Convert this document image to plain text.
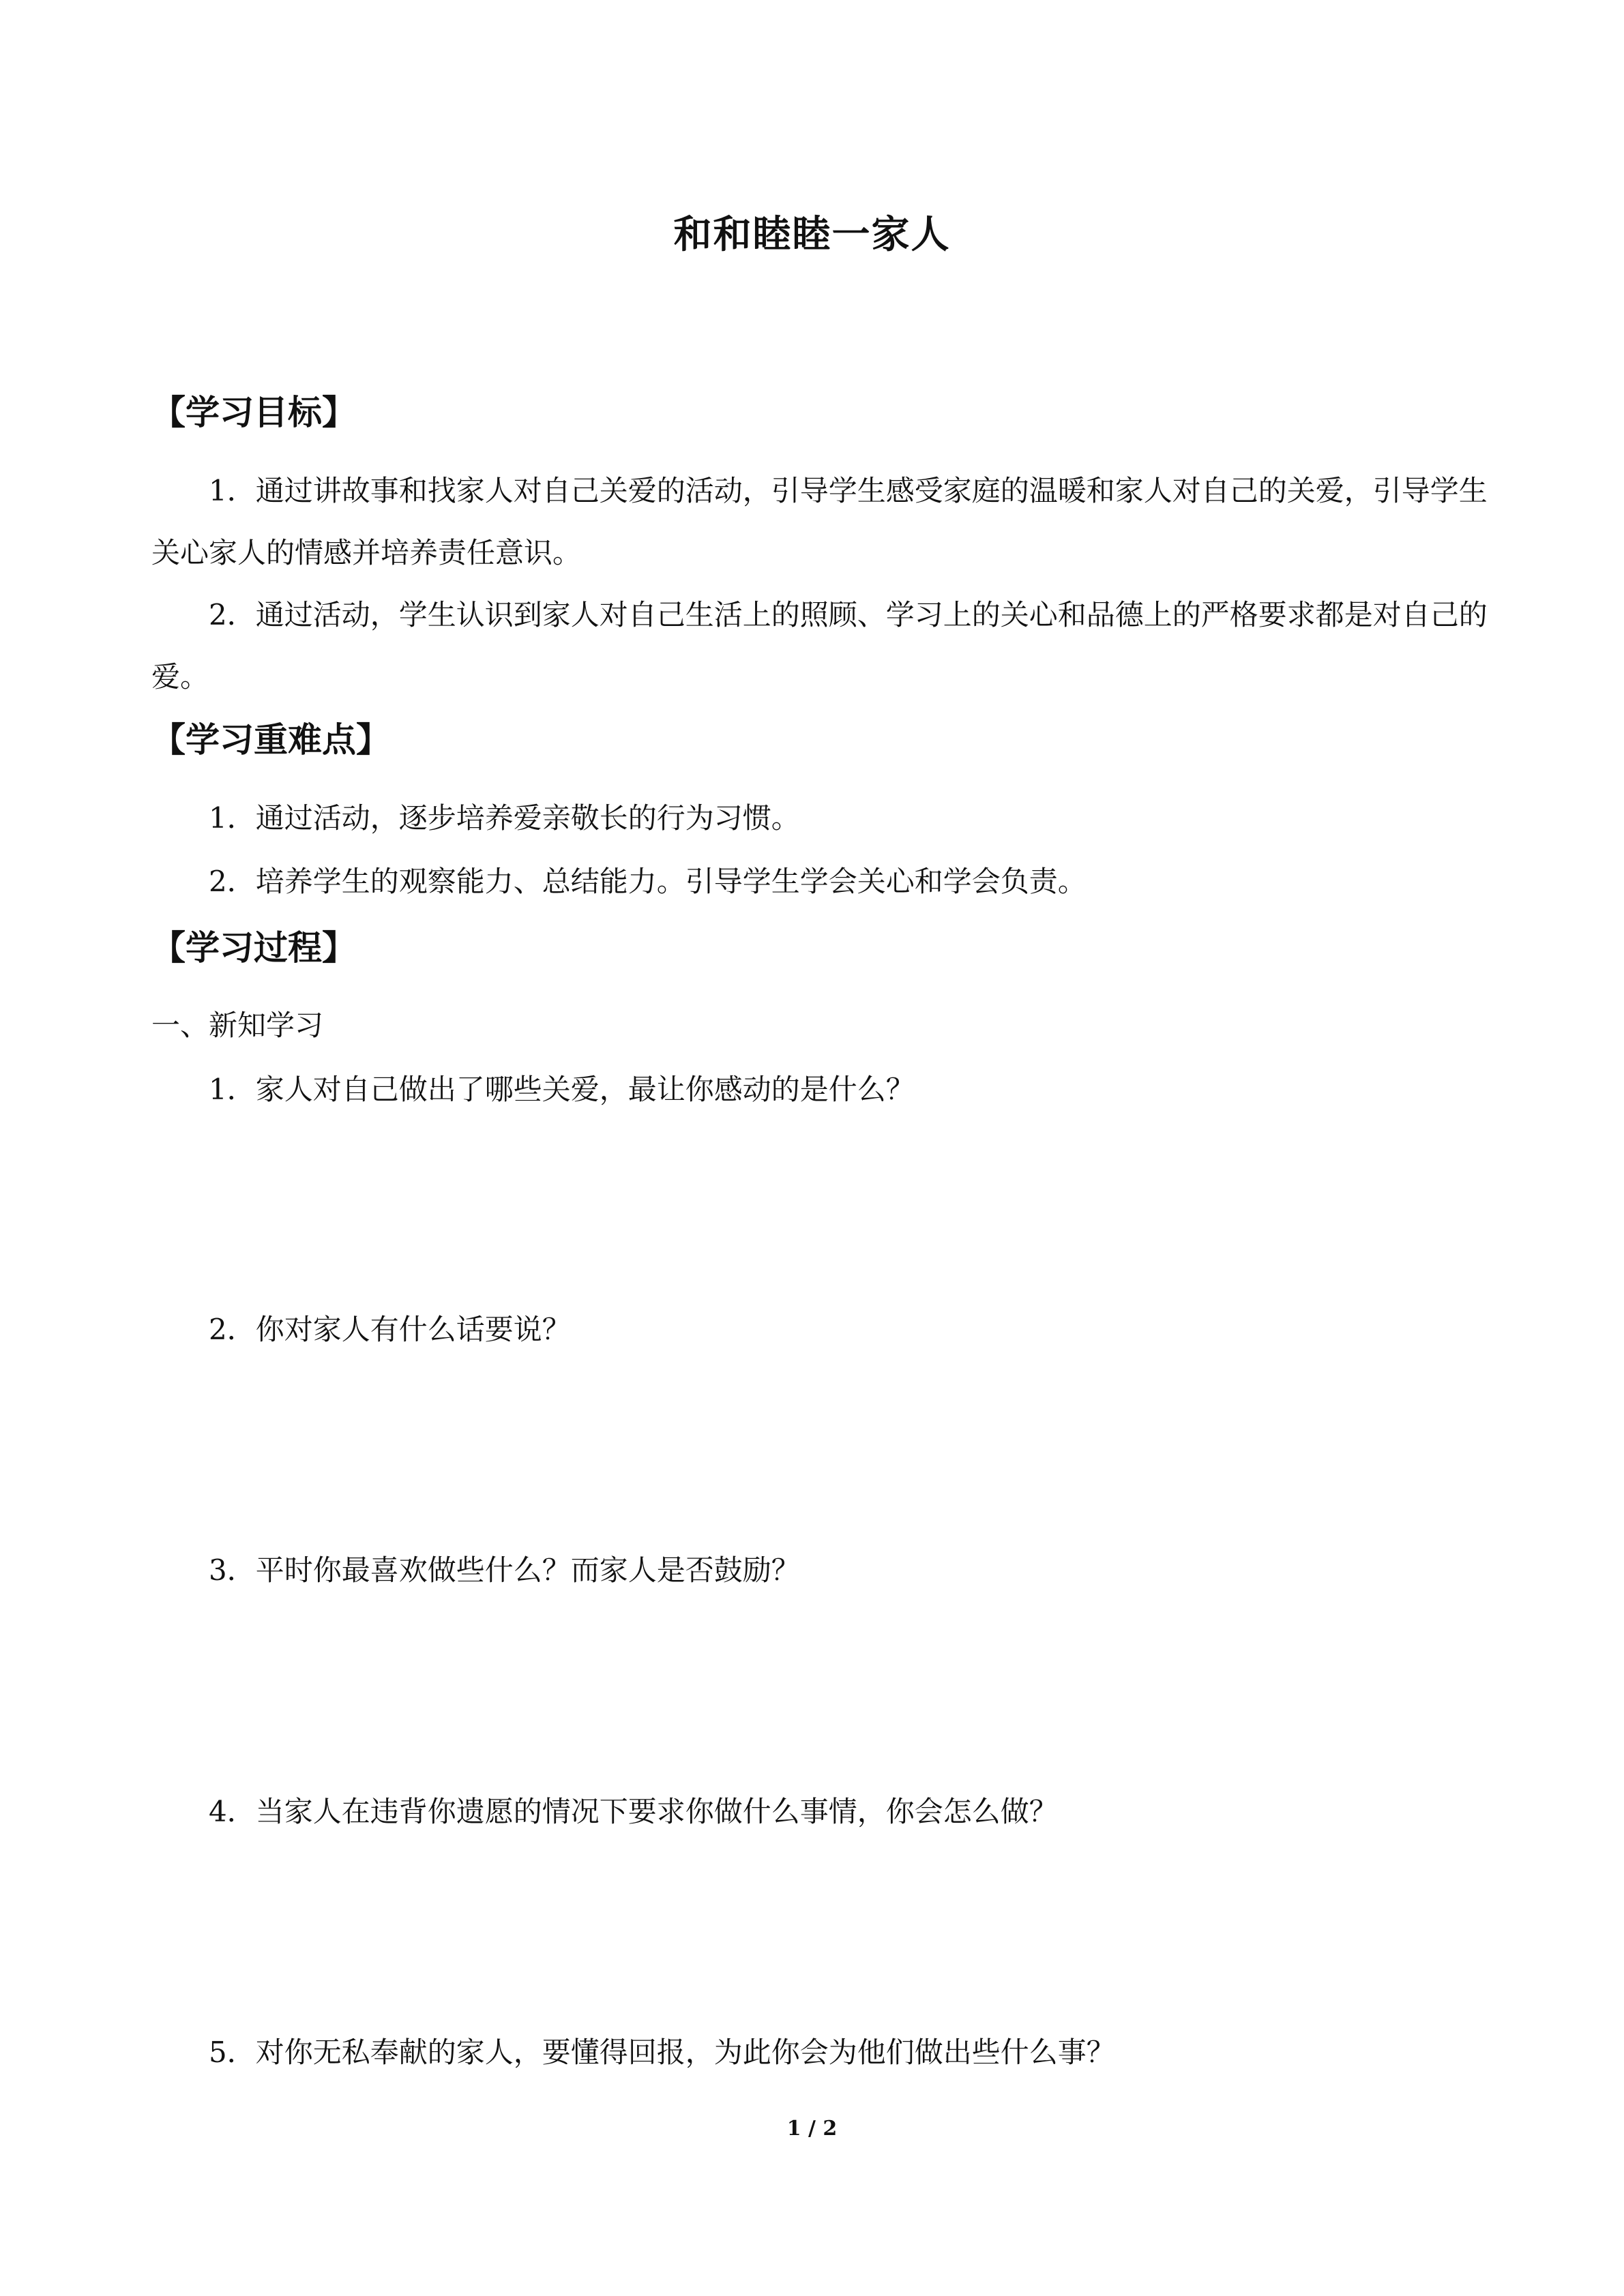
和和睦睦一家人
【学习目标】
1．通过讲故事和找家人对自己关爱的活动，引导学生感受家庭的温暖和家人对自己的关爱，引导学生关心家人的情感并培养责任意识。
2．通过活动，学生认识到家人对自己生活上的照顾、学习上的关心和品德上的严格要求都是对自己的爱。
【学习重难点】
1．通过活动，逐步培养爱亲敬长的行为习惯。
2．培养学生的观察能力、总结能力。引导学生学会关心和学会负责。
【学习过程】
一、新知学习
1．家人对自己做出了哪些关爱，最让你感动的是什么？
2．你对家人有什么话要说？
3．平时你最喜欢做些什么？而家人是否鼓励？
4．当家人在违背你遗愿的情况下要求你做什么事情，你会怎么做？
5．对你无私奉献的家人，要懂得回报，为此你会为他们做出些什么事？
1 / 2
